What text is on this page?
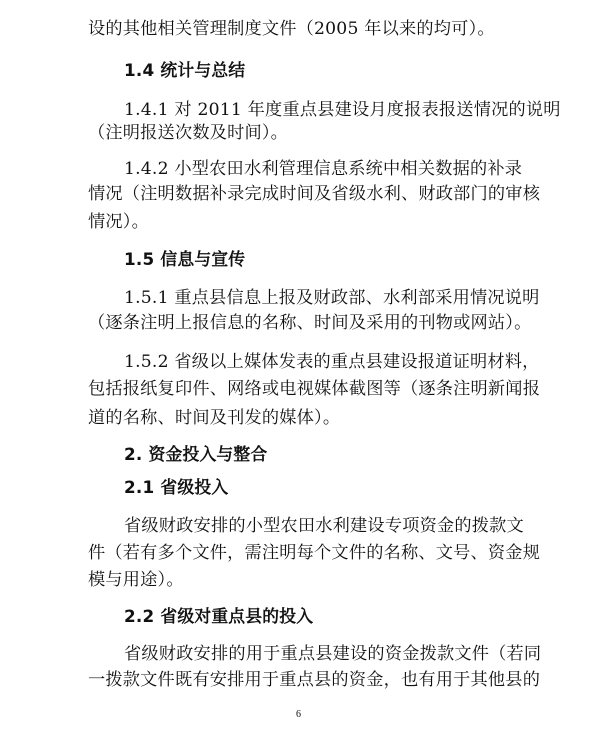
设的其他相关管理制度文件（2005 年以来的均可）。
1.4 统计与总结
1.4.1 对 2011 年度重点县建设月度报表报送情况的说明
（注明报送次数及时间）。
1.4.2 小型农田水利管理信息系统中相关数据的补录
情况（注明数据补录完成时间及省级水利、财政部门的审核
情况）。
1.5 信息与宣传
1.5.1 重点县信息上报及财政部、水利部采用情况说明
（逐条注明上报信息的名称、时间及采用的刊物或网站）。
1.5.2 省级以上媒体发表的重点县建设报道证明材料，
包括报纸复印件、网络或电视媒体截图等（逐条注明新闻报
道的名称、时间及刊发的媒体）。
2. 资金投入与整合
2.1 省级投入
省级财政安排的小型农田水利建设专项资金的拨款文
件（若有多个文件，需注明每个文件的名称、文号、资金规
模与用途）。
2.2 省级对重点县的投入
省级财政安排的用于重点县建设的资金拨款文件（若同
一拨款文件既有安排用于重点县的资金，也有用于其他县的
6
